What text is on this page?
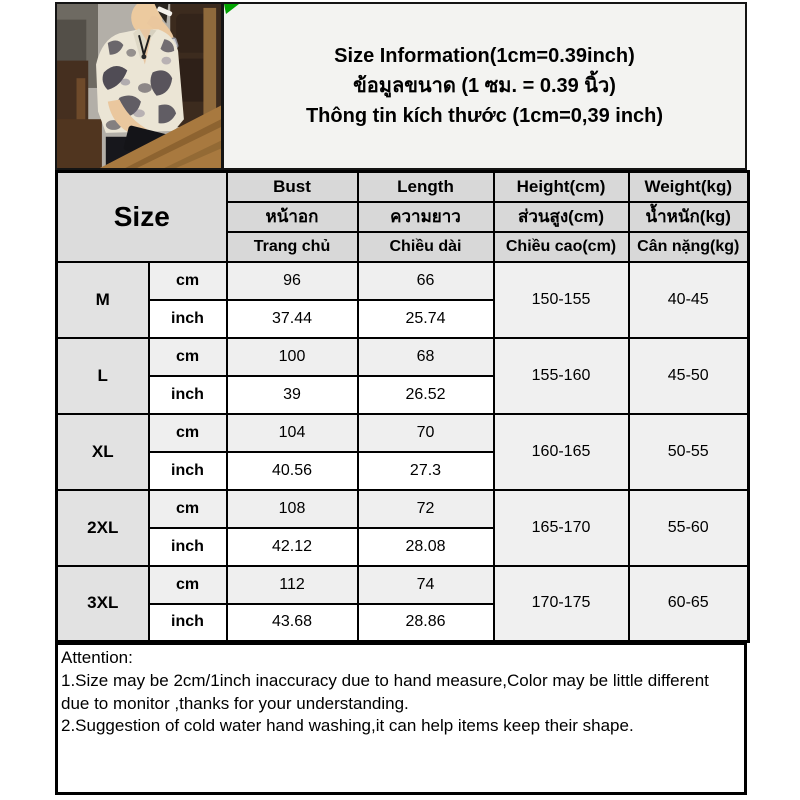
Size Information(1cm=0.39inch)
ข้อมูลขนาด (1 ซม. = 0.39 นิ้ว)
Thông tin kích thước (1cm=0,39 inch)
Size		Bust	Length	Height(cm)	Weight(kg)
		หน้าอก	ความยาว	ส่วนสูง(cm)	น้ำหนัก(kg)
		Trang chủ	Chiều dài	Chiều cao(cm)	Cân nặng(kg)
M	cm	96	66	150-155	40-45
	inch	37.44	25.74		
L	cm	100	68	155-160	45-50
	inch	39	26.52		
XL	cm	104	70	160-165	50-55
	inch	40.56	27.3		
2XL	cm	108	72	165-170	55-60
	inch	42.12	28.08		
3XL	cm	112	74	170-175	60-65
	inch	43.68	28.86		

Attention:

1.Size may be 2cm/1inch inaccuracy due to hand measure,Color may be little different due to monitor ,thanks for your understanding.

2.Suggestion of cold water hand washing,it can help items keep their shape.
